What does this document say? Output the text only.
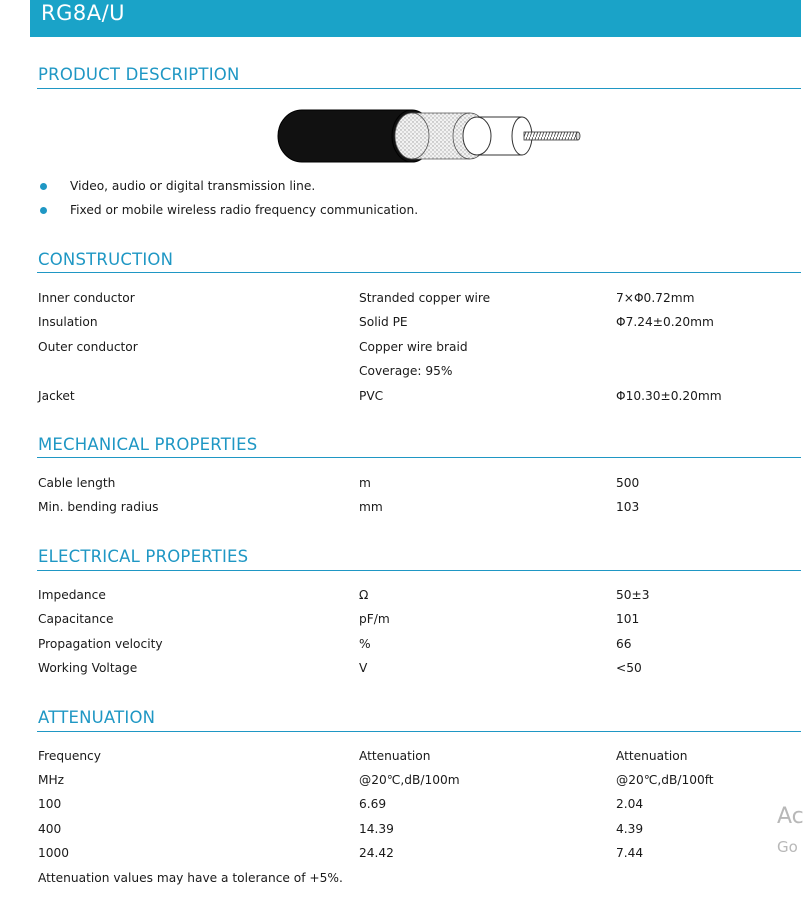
RG8A/U
PRODUCT DESCRIPTION
Video, audio or digital transmission line.
Fixed or mobile wireless radio frequency communication.
CONSTRUCTION
Inner conductor	Stranded copper wire	7×Φ0.72mm
Insulation	Solid PE	Φ7.24±0.20mm
Outer conductor	Copper wire braid
Coverage: 95%
Jacket	PVC	Φ10.30±0.20mm
MECHANICAL PROPERTIES
Cable length	m	500
Min. bending radius	mm	103
ELECTRICAL PROPERTIES
Impedance	Ω	50±3
Capacitance	pF/m	101
Propagation velocity	%	66
Working Voltage	V	<50
ATTENUATION
Frequency	Attenuation	Attenuation
MHz	@20℃,dB/100m	@20℃,dB/100ft
100	6.69	2.04
400	14.39	4.39
1000	24.42	7.44
Attenuation values may have a tolerance of +5%.
Ac
Go
